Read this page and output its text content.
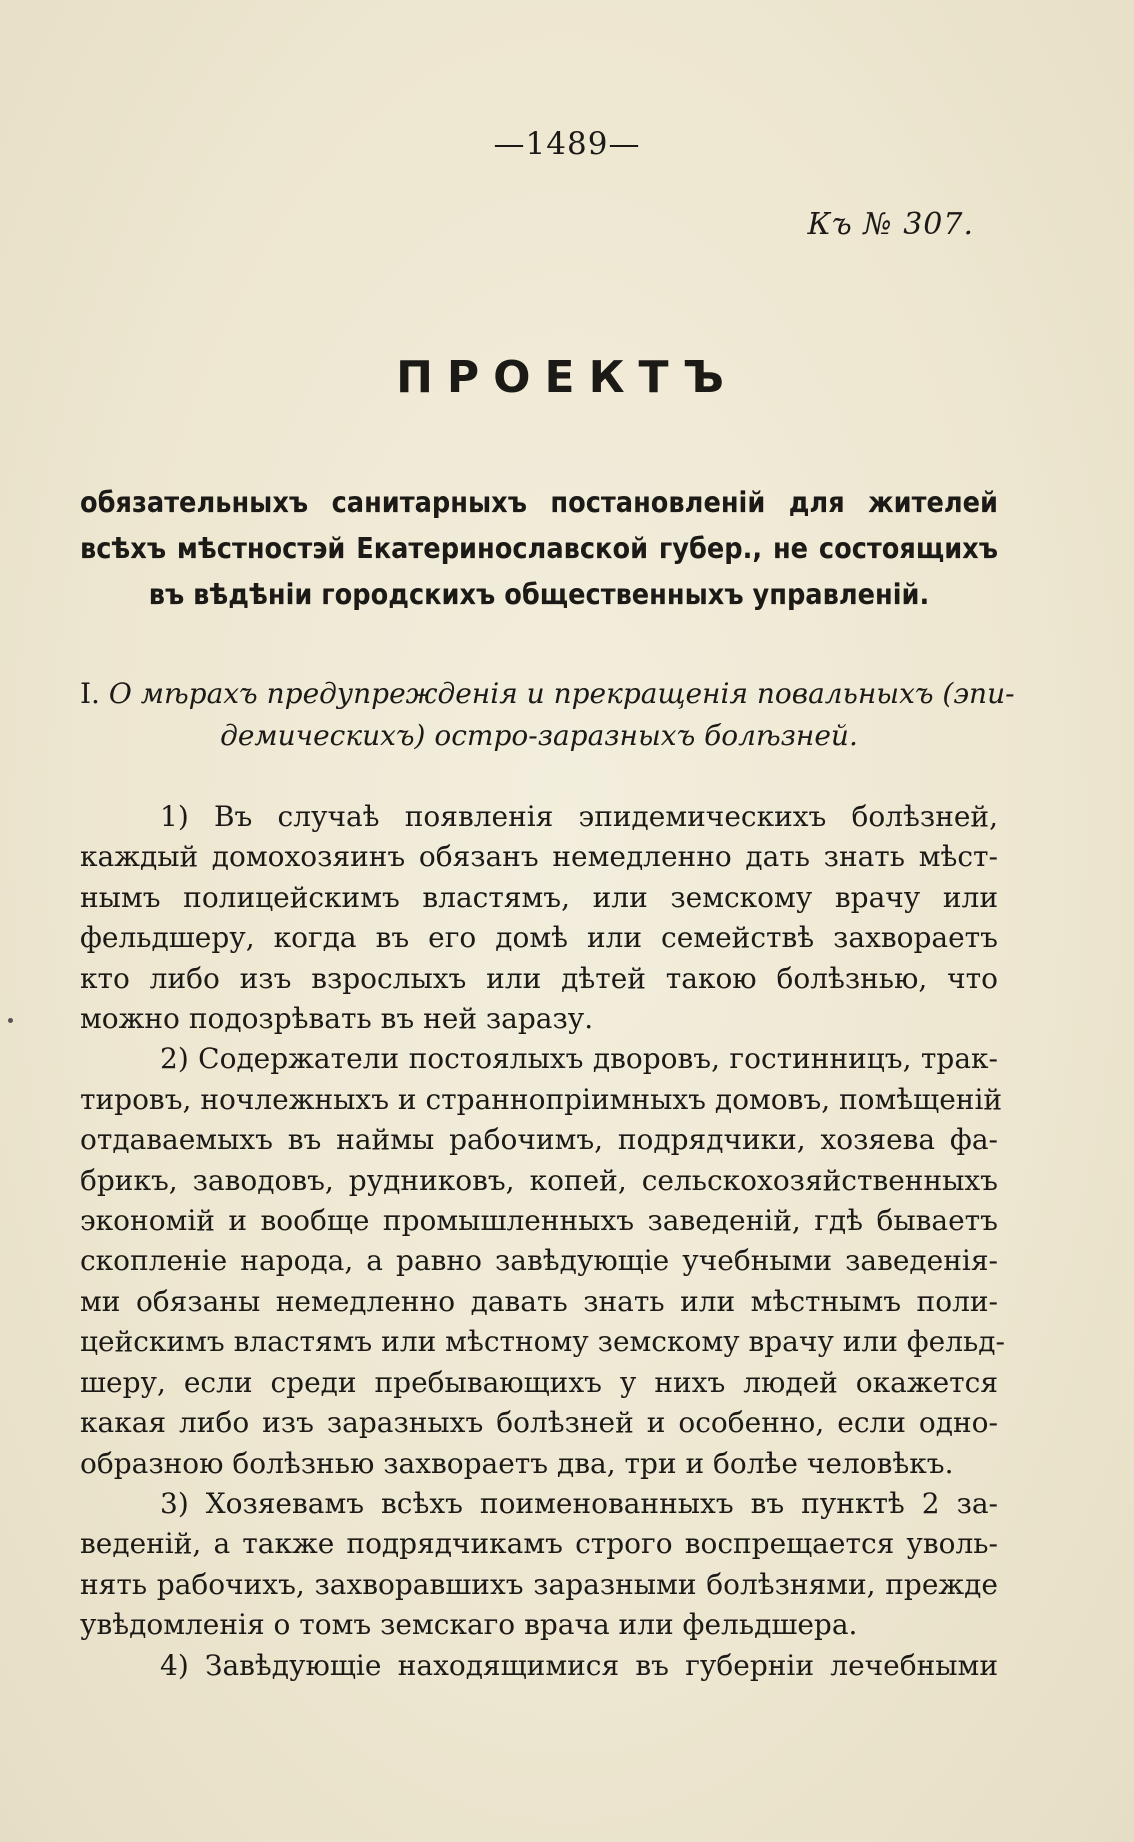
—1489—
Къ № 307.
ПРОЕКТЪ
обязательныхъ санитарныхъ постановленій для жителей
всѣхъ мѣстностэй Екатеринославской губер., не состоящихъ
въ вѣдѣніи городскихъ общественныхъ управленій.
I. О мѣрахъ предупрежденія и прекращенія повальныхъ (эпи-
демическихъ) остро-заразныхъ болѣзней.
1) Въ случаѣ появленія эпидемическихъ болѣзней,
каждый домохозяинъ обязанъ немедленно дать знать мѣст-
нымъ полицейскимъ властямъ, или земскому врачу или
фельдшеру, когда въ его домѣ или семействѣ захвораетъ
кто либо изъ взрослыхъ или дѣтей такою болѣзнью, что
можно подозрѣвать въ ней заразу.
2) Содержатели постоялыхъ дворовъ, гостинницъ, трак-
тировъ, ночлежныхъ и страннопріимныхъ домовъ, помѣщеній
отдаваемыхъ въ наймы рабочимъ, подрядчики, хозяева фа-
брикъ, заводовъ, рудниковъ, копей, сельскохозяйственныхъ
экономій и вообще промышленныхъ заведеній, гдѣ бываетъ
скопленіе народа, а равно завѣдующіе учебными заведенія-
ми обязаны немедленно давать знать или мѣстнымъ поли-
цейскимъ властямъ или мѣстному земскому врачу или фельд-
шеру, если среди пребывающихъ у нихъ людей окажется
какая либо изъ заразныхъ болѣзней и особенно, если одно-
образною болѣзнью захвораетъ два, три и болѣе человѣкъ.
3) Хозяевамъ всѣхъ поименованныхъ въ пунктѣ 2 за-
веденій, а также подрядчикамъ строго воспрещается уволь-
нять рабочихъ, захворавшихъ заразными болѣзнями, прежде
увѣдомленія о томъ земскаго врача или фельдшера.
4) Завѣдующіе находящимися въ губерніи лечебными
